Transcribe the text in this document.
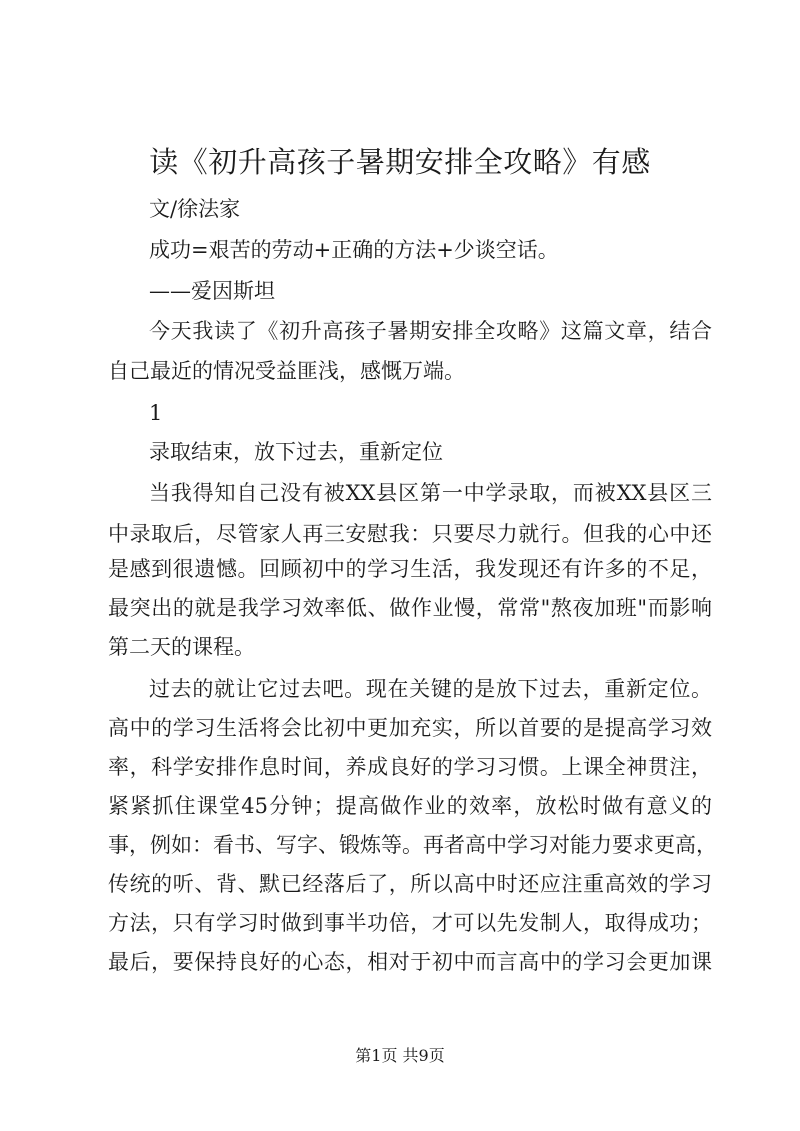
读《初升高孩子暑期安排全攻略》有感

文/徐法家

成功=艰苦的劳动+正确的方法+少谈空话。

——爱因斯坦

今天我读了《初升高孩子暑期安排全攻略》这篇文章，结合

自己最近的情况受益匪浅，感慨万端。

1

录取结束，放下过去，重新定位

当我得知自己没有被XX县区第一中学录取，而被XX县区三

中录取后，尽管家人再三安慰我：只要尽力就行。但我的心中还

是感到很遗憾。回顾初中的学习生活，我发现还有许多的不足，

最突出的就是我学习效率低、做作业慢，常常"熬夜加班"而影响

第二天的课程。

过去的就让它过去吧。现在关键的是放下过去，重新定位。

高中的学习生活将会比初中更加充实，所以首要的是提高学习效

率，科学安排作息时间，养成良好的学习习惯。上课全神贯注，

紧紧抓住课堂45分钟；提高做作业的效率，放松时做有意义的

事，例如：看书、写字、锻炼等。再者高中学习对能力要求更高，

传统的听、背、默已经落后了，所以高中时还应注重高效的学习

方法，只有学习时做到事半功倍，才可以先发制人，取得成功；

最后，要保持良好的心态，相对于初中而言高中的学习会更加课

第1页 共9页
